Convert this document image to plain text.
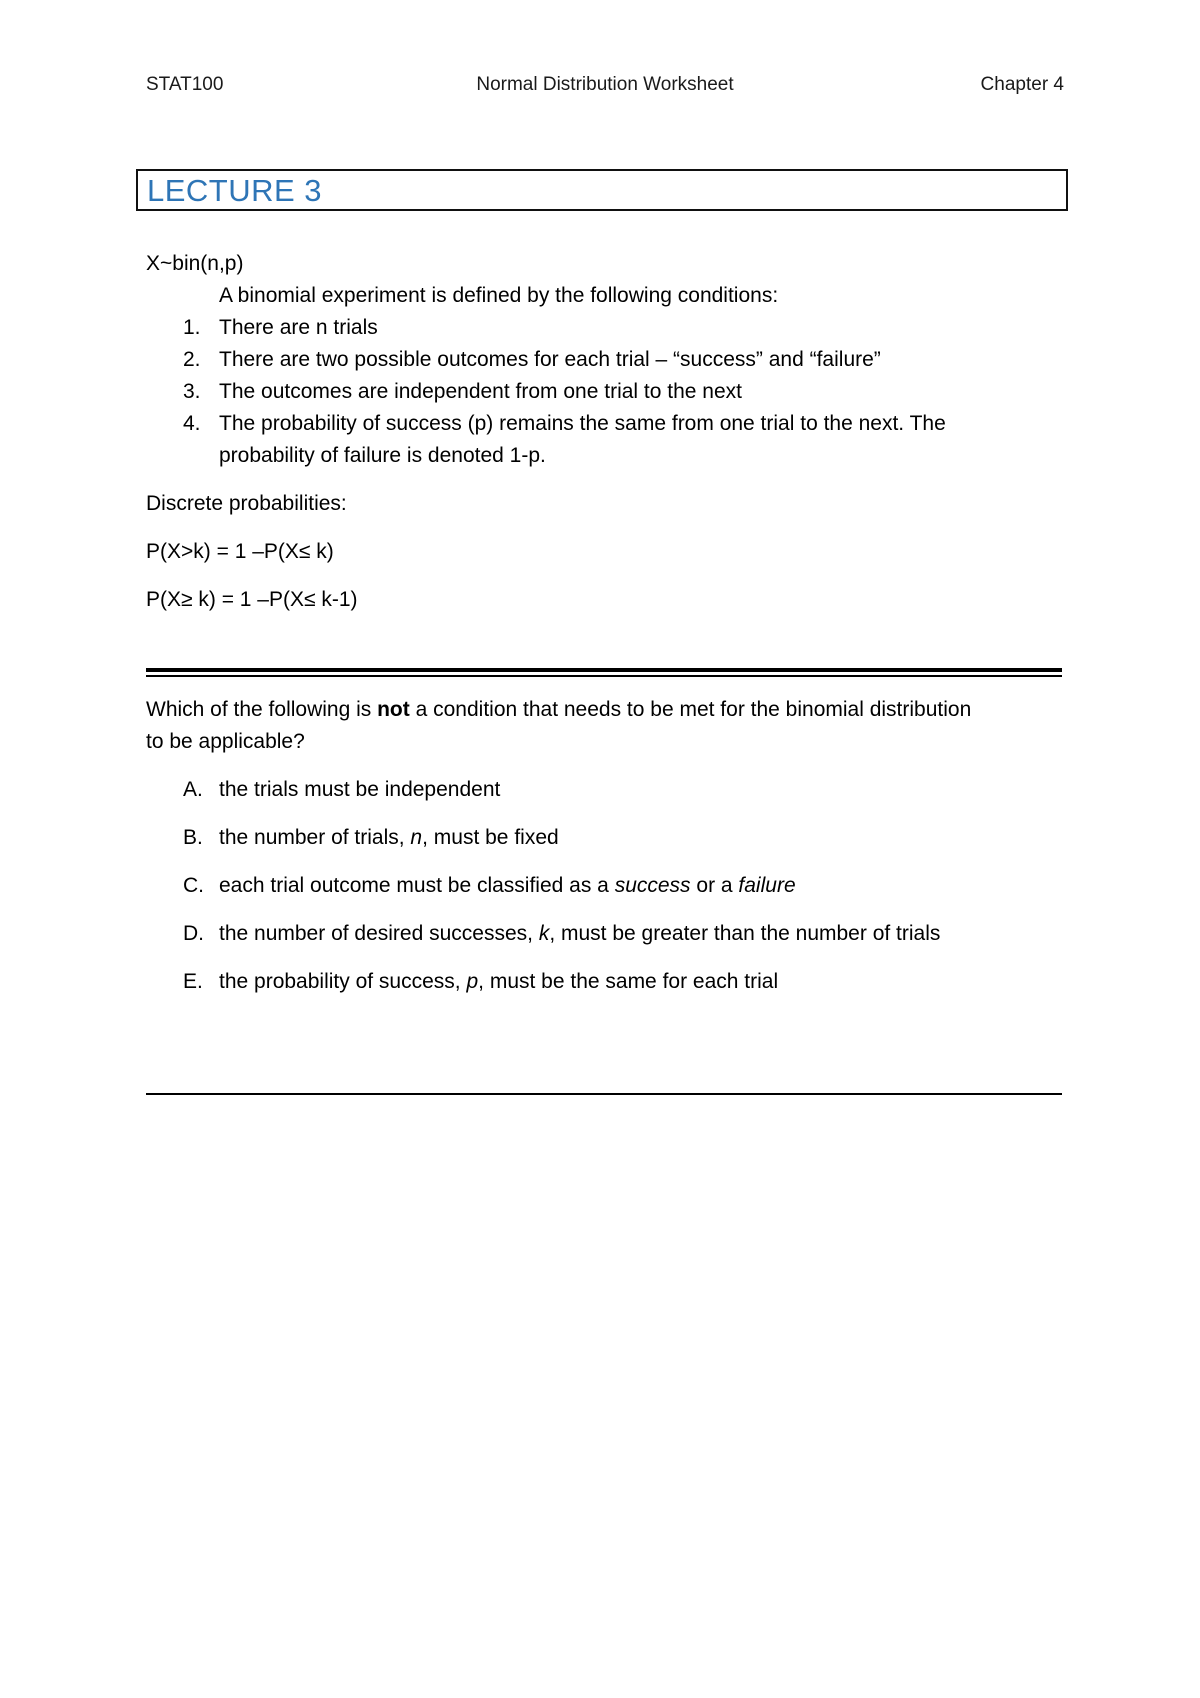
STAT100	Normal Distribution Worksheet	Chapter 4
LECTURE 3
X~bin(n,p)
A binomial experiment is defined by the following conditions:
1. There are n trials
2. There are two possible outcomes for each trial – “success” and “failure”
3. The outcomes are independent from one trial to the next
4. The probability of success (p) remains the same from one trial to the next. The
probability of failure is denoted 1-p.
Discrete probabilities:
P(X>k) = 1 –P(X≤ k)
P(X≥ k) = 1 –P(X≤ k-1)
Which of the following is not a condition that needs to be met for the binomial distribution
to be applicable?
A. the trials must be independent
B. the number of trials, n, must be fixed
C. each trial outcome must be classified as a success or a failure
D. the number of desired successes, k, must be greater than the number of trials
E. the probability of success, p, must be the same for each trial
